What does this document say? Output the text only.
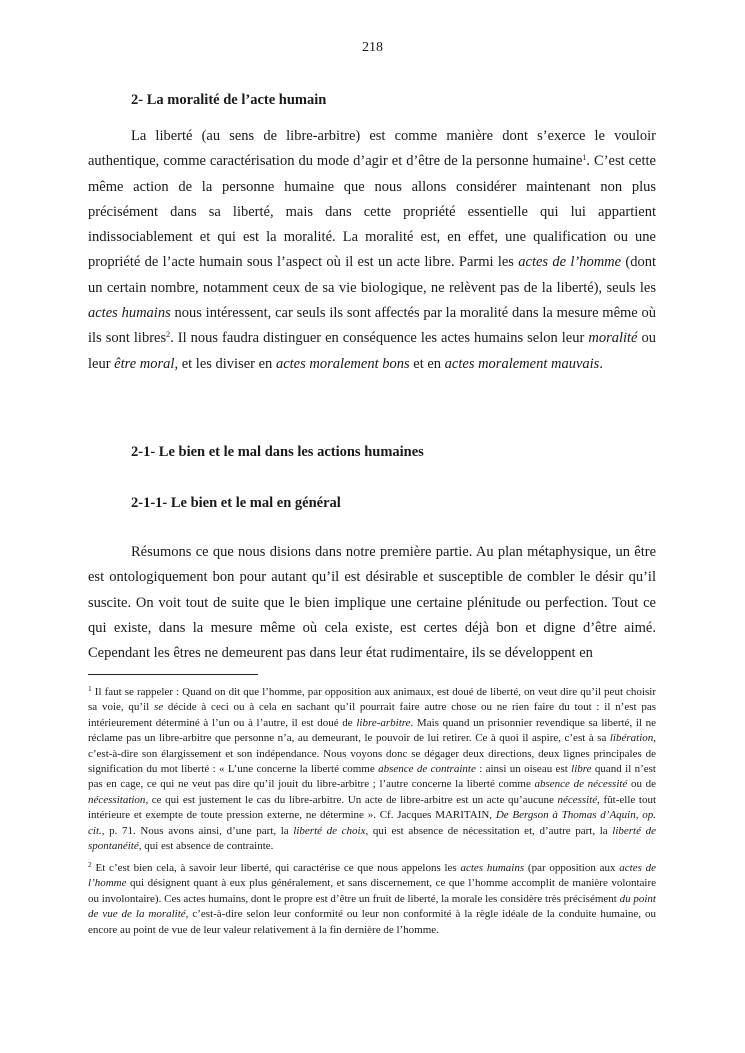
218
2- La moralité de l’acte humain

La liberté (au sens de libre-arbitre) est comme manière dont s’exerce le vouloir authentique, comme caractérisation du mode d’agir et d’être de la personne humaine$^1$. C’est cette même action de la personne humaine que nous allons considérer maintenant non plus précisément dans sa liberté, mais dans cette propriété essentielle qui lui appartient indissociablement et qui est la moralité. La moralité est, en effet, une qualification ou une propriété de l’acte humain sous l’aspect où il est un acte libre. Parmi les actes de l’homme (dont un certain nombre, notamment ceux de sa vie biologique, ne relèvent pas de la liberté), seuls les actes humains nous intéressent, car seuls ils sont affectés par la moralité dans la mesure même où ils sont libres$^2$. Il nous faudra distinguer en conséquence les actes humains selon leur moralité ou leur être moral, et les diviser en actes moralement bons et en actes moralement mauvais.

2-1- Le bien et le mal dans les actions humaines
2-1-1- Le bien et le mal en général

Résumons ce que nous disions dans notre première partie. Au plan métaphysique, un être est ontologiquement bon pour autant qu’il est désirable et susceptible de combler le désir qu’il suscite. On voit tout de suite que le bien implique une certaine plénitude ou perfection. Tout ce qui existe, dans la mesure même où cela existe, est certes déjà bon et digne d’être aimé. Cependant les êtres ne demeurent pas dans leur état rudimentaire, ils se développent en

$^1$ Il faut se rappeler : Quand on dit que l’homme, par opposition aux animaux, est doué de liberté, on veut dire qu’il peut choisir sa voie, qu’il se décide à ceci ou à cela en sachant qu’il pourrait faire autre chose ou ne rien faire du tout : il n’est pas intérieurement déterminé à l’un ou à l’autre, il est doué de libre-arbitre. Mais quand un prisonnier revendique sa liberté, il ne réclame pas un libre-arbitre que personne n’a, au demeurant, le pouvoir de lui retirer. Ce à quoi il aspire, c’est à sa libération, c’est-à-dire son élargissement et son indépendance. Nous voyons donc se dégager deux directions, deux lignes principales de signification du mot liberté : « L’une concerne la liberté comme absence de contrainte : ainsi un oiseau est libre quand il n’est pas en cage, ce qui ne veut pas dire qu’il jouit du libre-arbitre ; l’autre concerne la liberté comme absence de nécessité ou de nécessitation, ce qui est justement le cas du libre-arbitre. Un acte de libre-arbitre est un acte qu’aucune nécessité, fût-elle tout intérieure et exempte de toute pression externe, ne détermine ». Cf. Jacques MARITAIN, De Bergson à Thomas d’Aquin, op. cit., p. 71. Nous avons ainsi, d’une part, la liberté de choix, qui est absence de nécessitation et, d’autre part, la liberté de spontanéité, qui est absence de contrainte.

$^2$ Et c’est bien cela, à savoir leur liberté, qui caractérise ce que nous appelons les actes humains (par opposition aux actes de l’homme qui désignent quant à eux plus généralement, et sans discernement, ce que l’homme accomplit de manière volontaire ou involontaire). Ces actes humains, dont le propre est d’être un fruit de liberté, la morale les considère très précisément du point de vue de la moralité, c’est-à-dire selon leur conformité ou leur non conformité à la règle idéale de la conduite humaine, ou encore au point de vue de leur valeur relativement à la fin dernière de l’homme.
